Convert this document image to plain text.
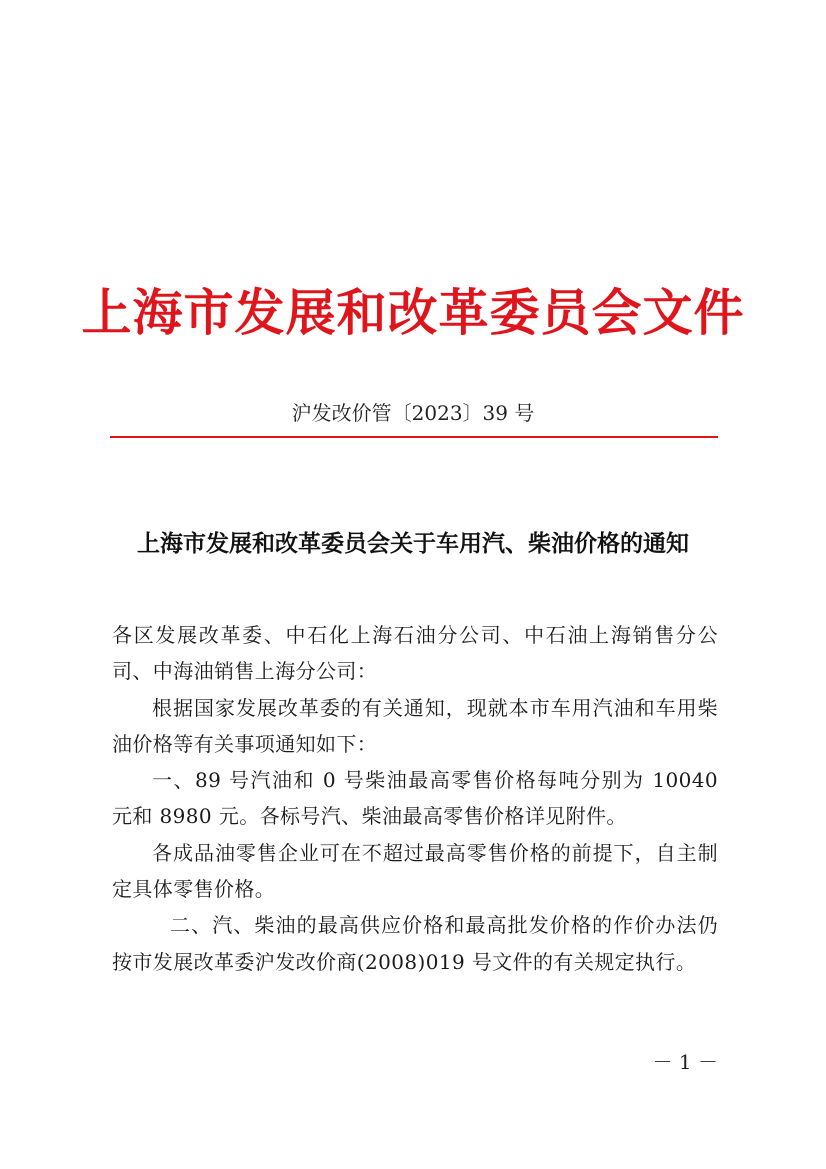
上海市发展和改革委员会文件
沪发改价管〔2023〕39 号
上海市发展和改革委员会关于车用汽、柴油价格的通知

各区发展改革委、中石化上海石油分公司、中石油上海销售分公司、中海油销售上海分公司：

根据国家发展改革委的有关通知，现就本市车用汽油和车用柴油价格等有关事项通知如下：

一、89 号汽油和 0 号柴油最高零售价格每吨分别为 10040 元和 8980 元。各标号汽、柴油最高零售价格详见附件。

各成品油零售企业可在不超过最高零售价格的前提下，自主制定具体零售价格。

二、汽、柴油的最高供应价格和最高批发价格的作价办法仍按市发展改革委沪发改价商(2008)019 号文件的有关规定执行。

－ 1 －
